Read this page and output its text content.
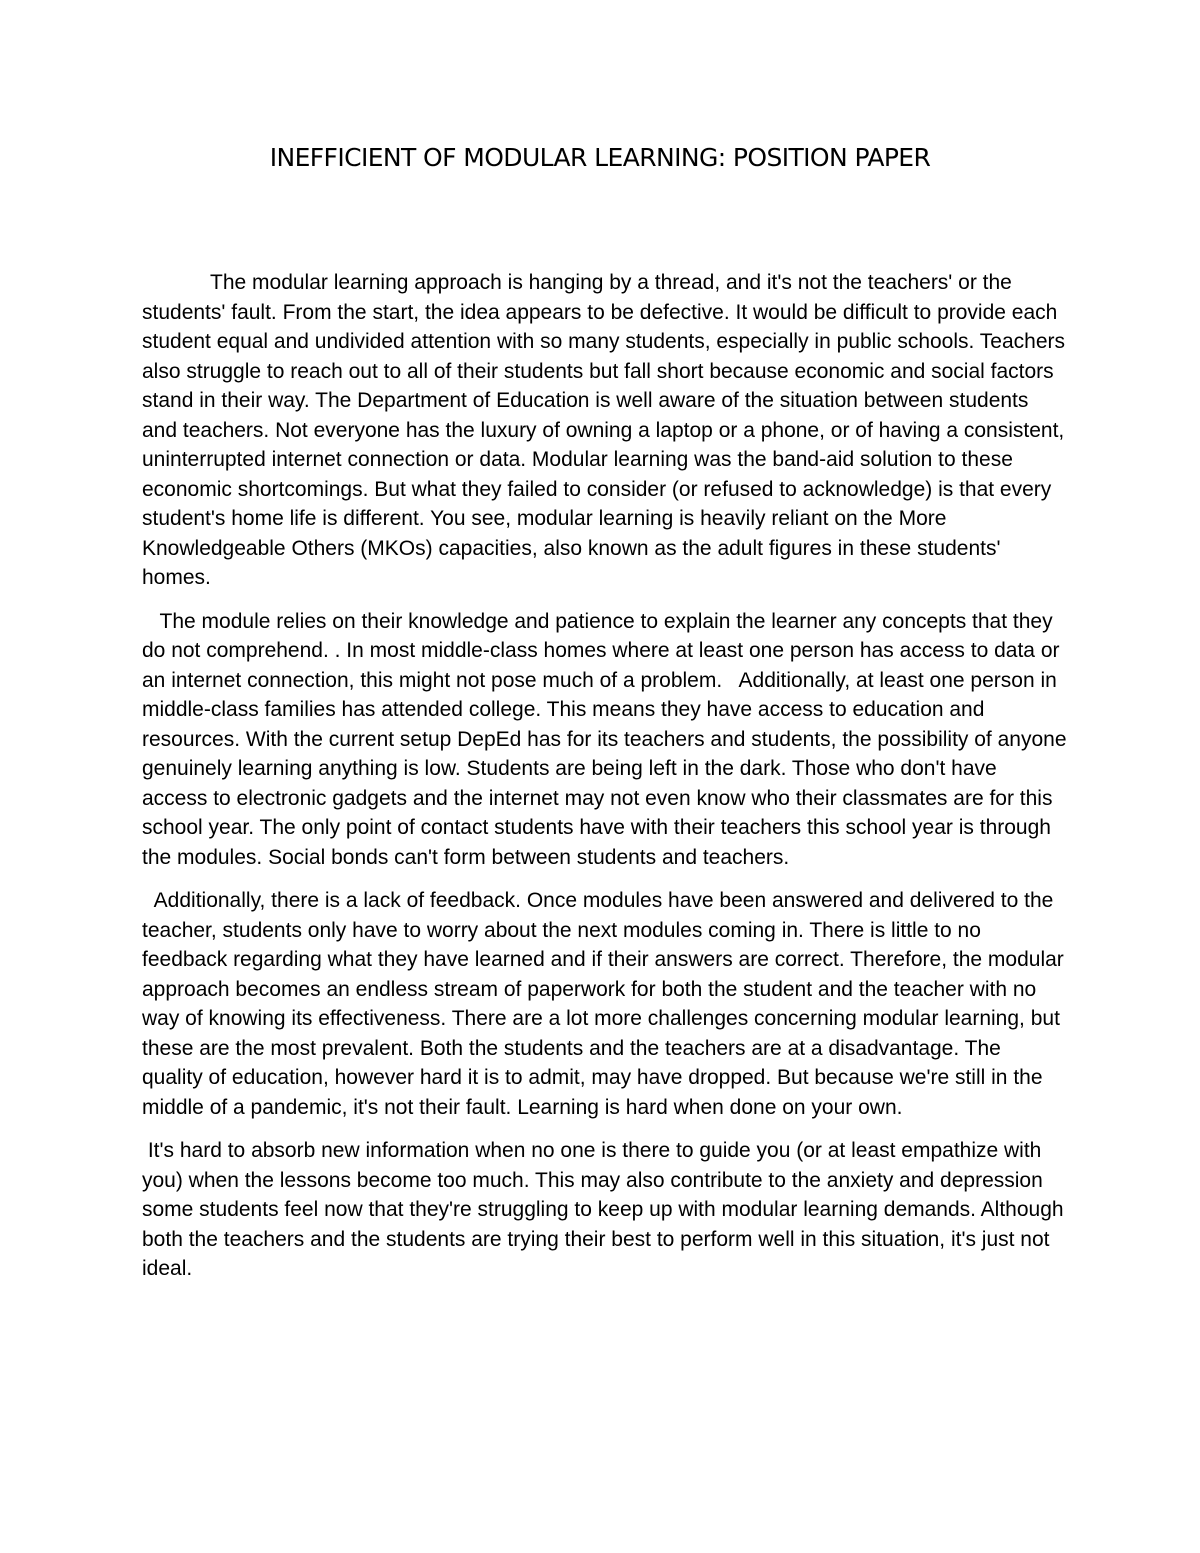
INEFFICIENT OF MODULAR LEARNING: POSITION PAPER

The modular learning approach is hanging by a thread, and it's not the teachers' or the students' fault. From the start, the idea appears to be defective. It would be difficult to provide each student equal and undivided attention with so many students, especially in public schools. Teachers also struggle to reach out to all of their students but fall short because economic and social factors stand in their way. The Department of Education is well aware of the situation between students and teachers. Not everyone has the luxury of owning a laptop or a phone, or of having a consistent, uninterrupted internet connection or data. Modular learning was the band-aid solution to these economic shortcomings. But what they failed to consider (or refused to acknowledge) is that every student's home life is different. You see, modular learning is heavily reliant on the More Knowledgeable Others (MKOs) capacities, also known as the adult figures in these students' homes.

The module relies on their knowledge and patience to explain the learner any concepts that they do not comprehend. . In most middle-class homes where at least one person has access to data or an internet connection, this might not pose much of a problem.   Additionally, at least one person in middle-class families has attended college. This means they have access to education and resources. With the current setup DepEd has for its teachers and students, the possibility of anyone genuinely learning anything is low. Students are being left in the dark. Those who don't have access to electronic gadgets and the internet may not even know who their classmates are for this school year. The only point of contact students have with their teachers this school year is through the modules. Social bonds can't form between students and teachers.

Additionally, there is a lack of feedback. Once modules have been answered and delivered to the teacher, students only have to worry about the next modules coming in. There is little to no feedback regarding what they have learned and if their answers are correct. Therefore, the modular approach becomes an endless stream of paperwork for both the student and the teacher with no way of knowing its effectiveness. There are a lot more challenges concerning modular learning, but these are the most prevalent. Both the students and the teachers are at a disadvantage. The quality of education, however hard it is to admit, may have dropped. But because we're still in the middle of a pandemic, it's not their fault. Learning is hard when done on your own.

It's hard to absorb new information when no one is there to guide you (or at least empathize with you) when the lessons become too much. This may also contribute to the anxiety and depression some students feel now that they're struggling to keep up with modular learning demands. Although both the teachers and the students are trying their best to perform well in this situation, it's just not ideal.
